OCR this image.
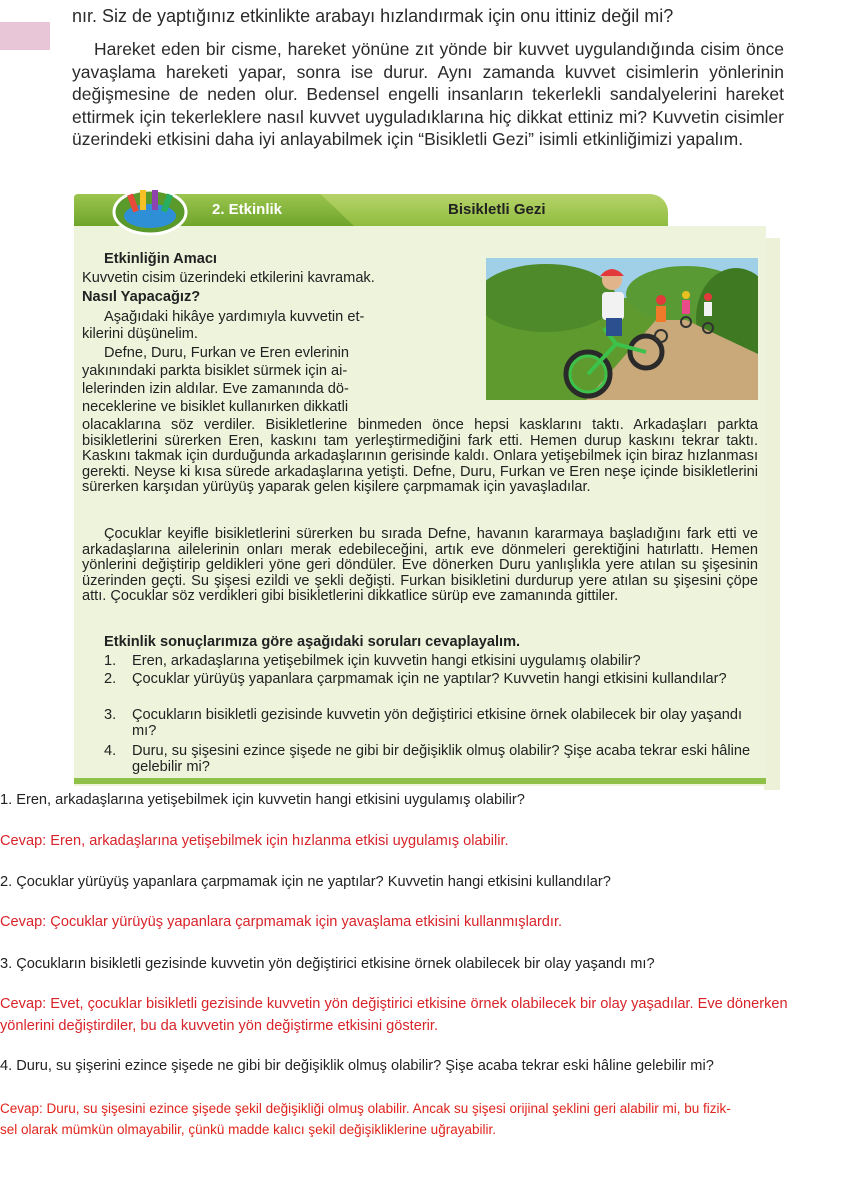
nır. Siz de yaptığınız etkinlikte arabayı hızlandırmak için onu ittiniz değil mi?

Hareket eden bir cisme, hareket yönüne zıt yönde bir kuvvet uygulandığında cisim önce yavaşlama hareketi yapar, sonra ise durur. Aynı zamanda kuvvet cisimlerin yönlerinin değişmesine de neden olur. Bedensel engelli insanların tekerlekli sandalyelerini hareket ettirmek için tekerleklere nasıl kuvvet uyguladıklarına hiç dikkat ettiniz mi? Kuvvetin cisimler üzerindeki etkisini daha iyi anlayabilmek için “Bisikletli Gezi” isimli etkinliğimizi yapalım.

2. Etkinlik	Bisikletli Gezi
Etkinliğin Amacı
Kuvvetin cisim üzerindeki etkilerini kavramak.
Nasıl Yapacağız?
Aşağıdaki hikâye yardımıyla kuvvetin et-
kilerini düşünelim.
Defne, Duru, Furkan ve Eren evlerinin
yakınındaki parkta bisiklet sürmek için ai-
lelerinden izin aldılar. Eve zamanında dö-
neceklerine ve bisiklet kullanırken dikkatli

olacaklarına söz verdiler. Bisikletlerine binmeden önce hepsi kasklarını taktı. Arkadaşları parkta bisikletlerini sürerken Eren, kaskını tam yerleştirmediğini fark etti. Hemen durup kaskını tekrar taktı. Kaskını takmak için durduğunda arkadaşlarının gerisinde kaldı. Onlara yetişebilmek için biraz hızlanması gerekti. Neyse ki kısa sürede arkadaşlarına yetişti. Defne, Duru, Furkan ve Eren neşe içinde bisikletlerini sürerken karşıdan yürüyüş yaparak gelen kişilere çarpmamak için yavaşladılar.

Çocuklar keyifle bisikletlerini sürerken bu sırada Defne, havanın kararmaya başladığını fark etti ve arkadaşlarına ailelerinin onları merak edebileceğini, artık eve dönmeleri gerektiğini hatırlattı. Hemen yönlerini değiştirip geldikleri yöne geri döndüler. Eve dönerken Duru yanlışlıkla yere atılan su şişesinin üzerinden geçti. Su şişesi ezildi ve şekli değişti. Furkan bisikletini durdurup yere atılan su şişesini çöpe attı. Çocuklar söz verdikleri gibi bisikletlerini dikkatlice sürüp eve zamanında gittiler.

Etkinlik sonuçlarımıza göre aşağıdaki soruları cevaplayalım.
1.	Eren, arkadaşlarına yetişebilmek için kuvvetin hangi etkisini uygulamış olabilir?
2.	Çocuklar yürüyüş yapanlara çarpmamak için ne yaptılar? Kuvvetin hangi etkisini kullandılar?
3.	Çocukların bisikletli gezisinde kuvvetin yön değiştirici etkisine örnek olabilecek bir olay yaşandı mı?
4.	Duru, su şişesini ezince şişede ne gibi bir değişiklik olmuş olabilir? Şişe acaba tekrar eski hâline gelebilir mi?
1. Eren, arkadaşlarına yetişebilmek için kuvvetin hangi etkisini uygulamış olabilir?
Cevap: Eren, arkadaşlarına yetişebilmek için hızlanma etkisi uygulamış olabilir.
2. Çocuklar yürüyüş yapanlara çarpmamak için ne yaptılar? Kuvvetin hangi etkisini kullandılar?
Cevap: Çocuklar yürüyüş yapanlara çarpmamak için yavaşlama etkisini kullanmışlardır.
3. Çocukların bisikletli gezisinde kuvvetin yön değiştirici etkisine örnek olabilecek bir olay yaşandı mı?
Cevap: Evet, çocuklar bisikletli gezisinde kuvvetin yön değiştirici etkisine örnek olabilecek bir olay yaşadılar. Eve dönerken
yönlerini değiştirdiler, bu da kuvvetin yön değiştirme etkisini gösterir.
4. Duru, su şişerini ezince şişede ne gibi bir değişiklik olmuş olabilir? Şişe acaba tekrar eski hâline gelebilir mi?
Cevap: Duru, su şişesini ezince şişede şekil değişikliği olmuş olabilir. Ancak su şişesi orijinal şeklini geri alabilir mi, bu fizik-
sel olarak mümkün olmayabilir, çünkü madde kalıcı şekil değişikliklerine uğrayabilir.
